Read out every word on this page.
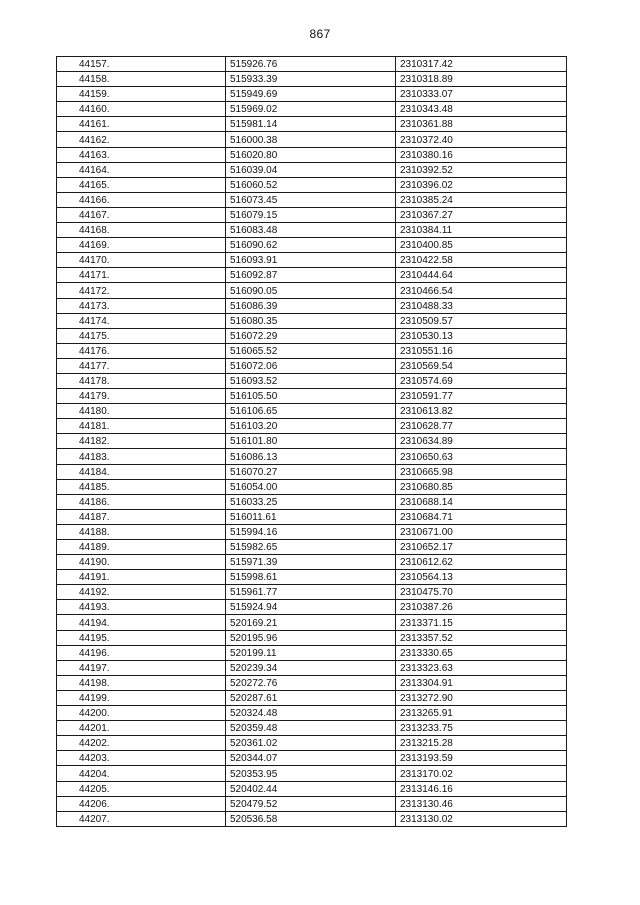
867
44157.	515926.76	2310317.42
44158.	515933.39	2310318.89
44159.	515949.69	2310333.07
44160.	515969.02	2310343.48
44161.	515981.14	2310361.88
44162.	516000.38	2310372.40
44163.	516020.80	2310380.16
44164.	516039.04	2310392.52
44165.	516060.52	2310396.02
44166.	516073.45	2310385.24
44167.	516079.15	2310367.27
44168.	516083.48	2310384.11
44169.	516090.62	2310400.85
44170.	516093.91	2310422.58
44171.	516092.87	2310444.64
44172.	516090.05	2310466.54
44173.	516086.39	2310488.33
44174.	516080.35	2310509.57
44175.	516072.29	2310530.13
44176.	516065.52	2310551.16
44177.	516072.06	2310569.54
44178.	516093.52	2310574.69
44179.	516105.50	2310591.77
44180.	516106.65	2310613.82
44181.	516103.20	2310628.77
44182.	516101.80	2310634.89
44183.	516086.13	2310650.63
44184.	516070.27	2310665.98
44185.	516054.00	2310680.85
44186.	516033.25	2310688.14
44187.	516011.61	2310684.71
44188.	515994.16	2310671.00
44189.	515982.65	2310652.17
44190.	515971.39	2310612.62
44191.	515998.61	2310564.13
44192.	515961.77	2310475.70
44193.	515924.94	2310387.26
44194.	520169.21	2313371.15
44195.	520195.96	2313357.52
44196.	520199.11	2313330.65
44197.	520239.34	2313323.63
44198.	520272.76	2313304.91
44199.	520287.61	2313272.90
44200.	520324.48	2313265.91
44201.	520359.48	2313233.75
44202.	520361.02	2313215.28
44203.	520344.07	2313193.59
44204.	520353.95	2313170.02
44205.	520402.44	2313146.16
44206.	520479.52	2313130.46
44207.	520536.58	2313130.02
